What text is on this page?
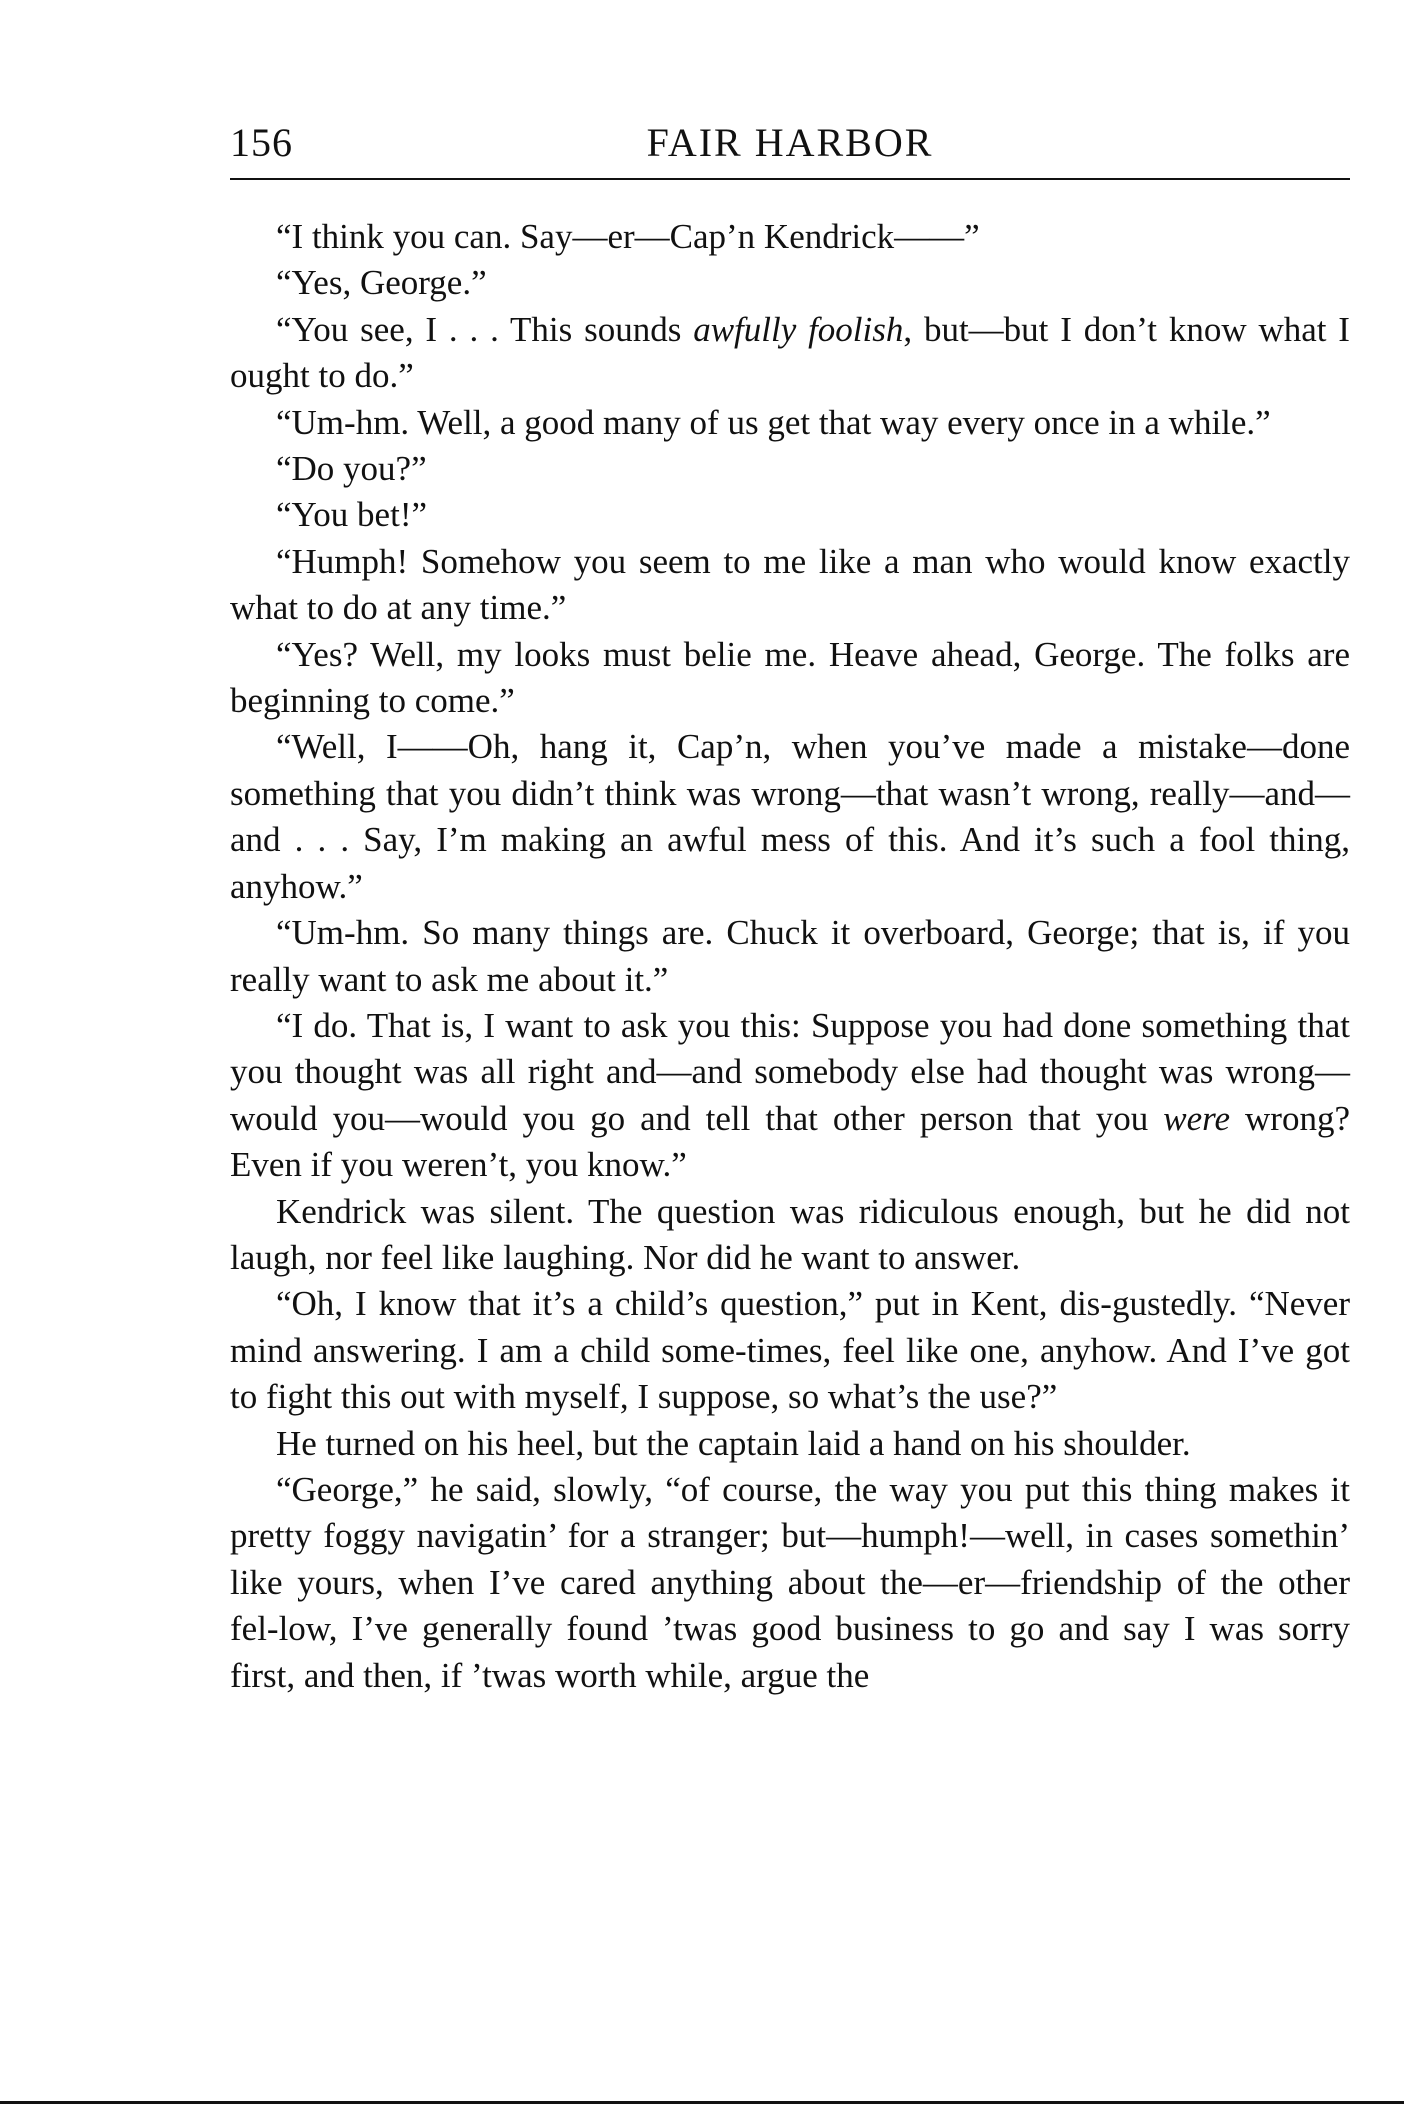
156	FAIR HARBOR

“I think you can. Say—er—Cap’n Kendrick——”

“Yes, George.”

“You see, I . . . This sounds awfully foolish, but—but I don’t know what I ought to do.”

“Um-hm. Well, a good many of us get that way every once in a while.”

“Do you?”

“You bet!”

“Humph! Somehow you seem to me like a man who would know exactly what to do at any time.”

“Yes? Well, my looks must belie me. Heave ahead, George. The folks are beginning to come.”

“Well, I——Oh, hang it, Cap’n, when you’ve made a mistake—done something that you didn’t think was wrong—that wasn’t wrong, really—and—and . . . Say, I’m making an awful mess of this. And it’s such a fool thing, anyhow.”

“Um-hm. So many things are. Chuck it overboard, George; that is, if you really want to ask me about it.”

“I do. That is, I want to ask you this: Suppose you had done something that you thought was all right and—and somebody else had thought was wrong—would you—would you go and tell that other person that you were wrong? Even if you weren’t, you know.”

Kendrick was silent. The question was ridiculous enough, but he did not laugh, nor feel like laughing. Nor did he want to answer.

“Oh, I know that it’s a child’s question,” put in Kent, dis-gustedly. “Never mind answering. I am a child some-times, feel like one, anyhow. And I’ve got to fight this out with myself, I suppose, so what’s the use?”

He turned on his heel, but the captain laid a hand on his shoulder.

“George,” he said, slowly, “of course, the way you put this thing makes it pretty foggy navigatin’ for a stranger; but—humph!—well, in cases somethin’ like yours, when I’ve cared anything about the—er—friendship of the other fel-low, I’ve generally found ’twas good business to go and say I was sorry first, and then, if ’twas worth while, argue the
